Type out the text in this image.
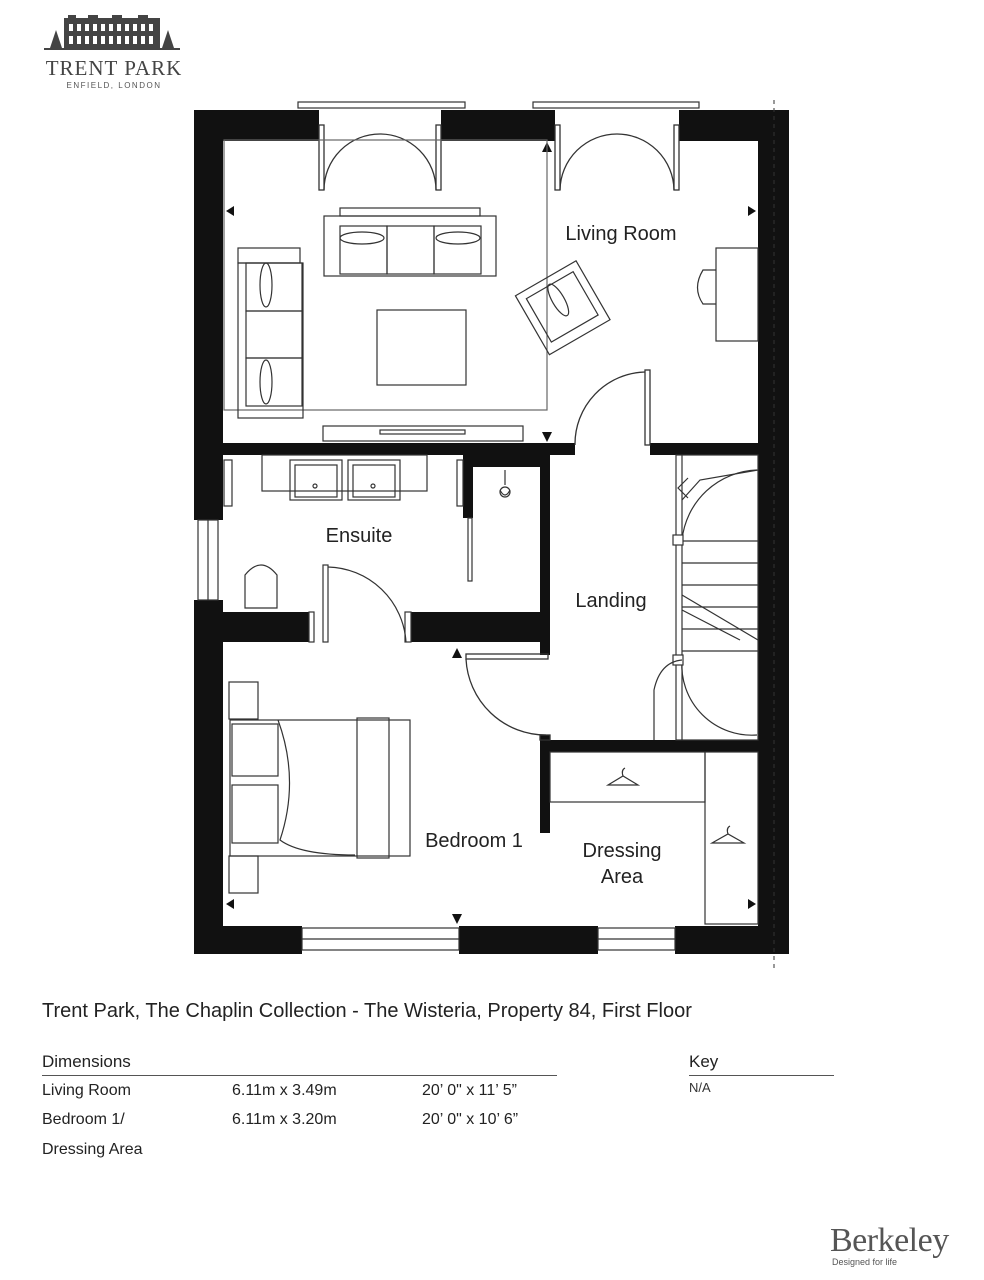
TRENT PARK
ENFIELD, LONDON
Living Room
Ensuite
Landing
Bedroom 1	Dressing
Area
Trent Park, The Chaplin Collection - The Wisteria, Property 84, First Floor
Dimensions
Living Room	6.11m x 3.49m	20’ 0" x 11’ 5”
Bedroom 1/	6.11m x 3.20m	20’ 0" x 10’ 6”
Dressing Area
Key
N/A
Berkeley
Designed for life
